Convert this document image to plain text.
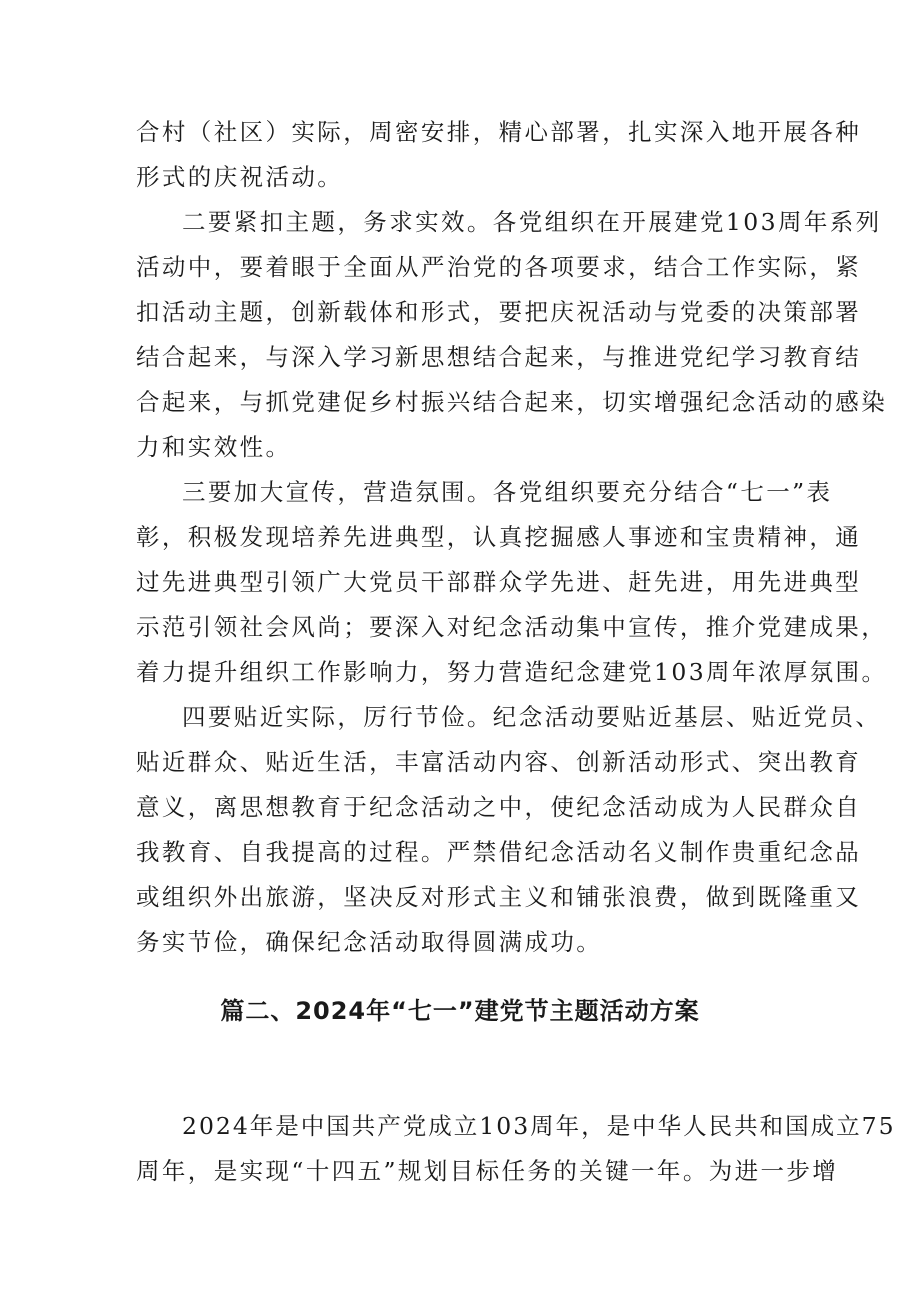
合村（社区）实际，周密安排，精心部署，扎实深入地开展各种
形式的庆祝活动。
二要紧扣主题，务求实效。各党组织在开展建党103周年系列
活动中，要着眼于全面从严治党的各项要求，结合工作实际，紧
扣活动主题，创新载体和形式，要把庆祝活动与党委的决策部署
结合起来，与深入学习新思想结合起来，与推进党纪学习教育结
合起来，与抓党建促乡村振兴结合起来，切实增强纪念活动的感染
力和实效性。
三要加大宣传，营造氛围。各党组织要充分结合“七一”表
彰，积极发现培养先进典型，认真挖掘感人事迹和宝贵精神，通
过先进典型引领广大党员干部群众学先进、赶先进，用先进典型
示范引领社会风尚；要深入对纪念活动集中宣传，推介党建成果，
着力提升组织工作影响力，努力营造纪念建党103周年浓厚氛围。
四要贴近实际，厉行节俭。纪念活动要贴近基层、贴近党员、
贴近群众、贴近生活，丰富活动内容、创新活动形式、突出教育
意义，离思想教育于纪念活动之中，使纪念活动成为人民群众自
我教育、自我提高的过程。严禁借纪念活动名义制作贵重纪念品
或组织外出旅游，坚决反对形式主义和铺张浪费，做到既隆重又
务实节俭，确保纪念活动取得圆满成功。
篇二、2024年“七一”建党节主题活动方案
2024年是中国共产党成立103周年，是中华人民共和国成立75
周年，是实现“十四五”规划目标任务的关键一年。为进一步增
